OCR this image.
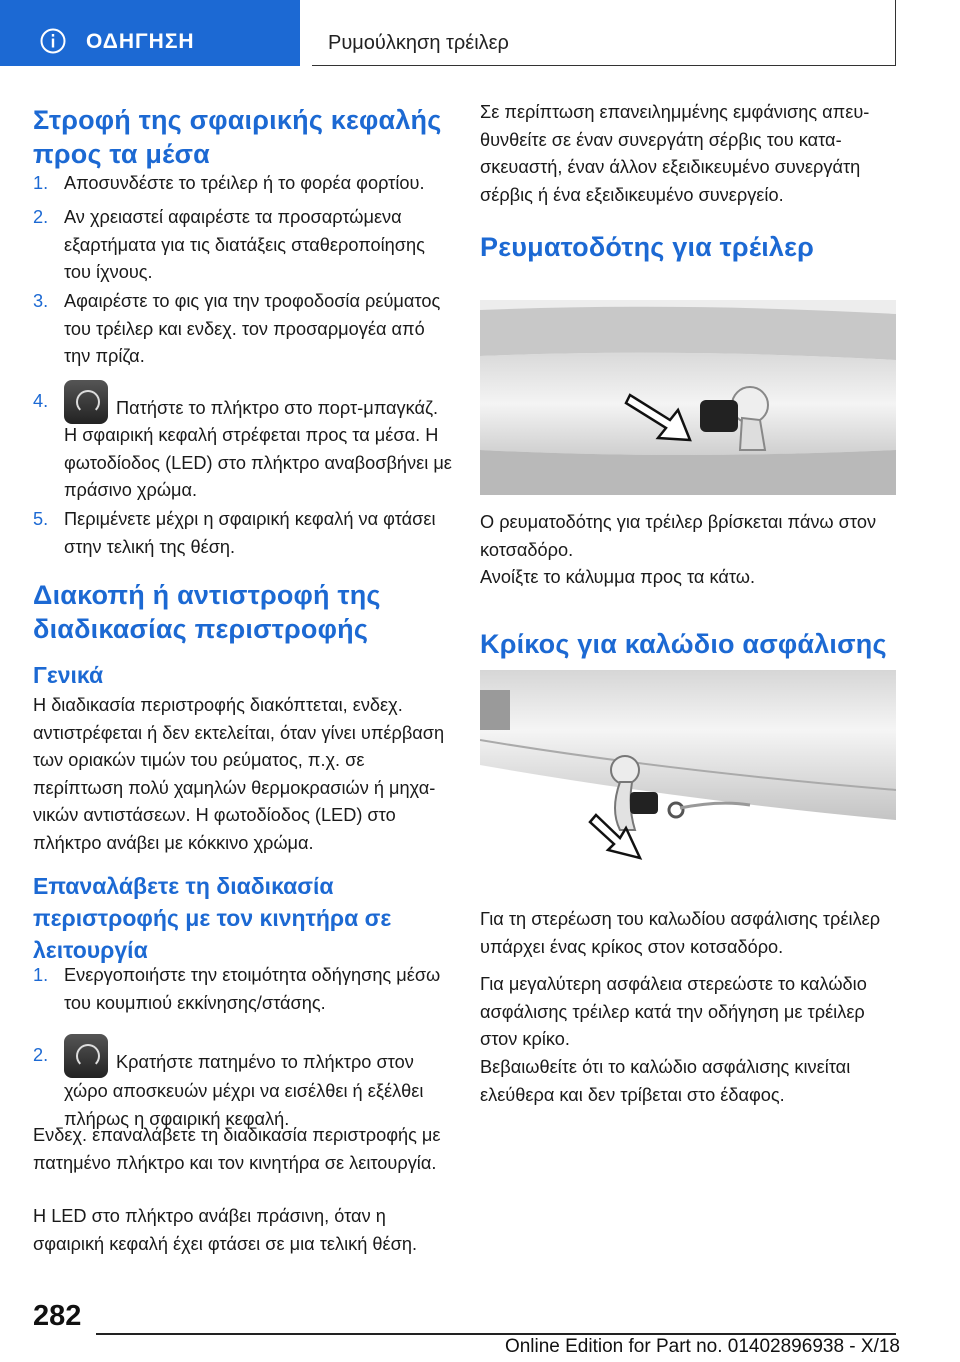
ΟΔΗΓΗΣΗ	Ρυμούλκηση τρέιλερ
Στροφή της σφαιρικής κεφαλής προς τα μέσα
1. Αποσυνδέστε το τρέιλερ ή το φορέα φορτίου.
2. Αν χρειαστεί αφαιρέστε τα προσαρτώμενα εξαρτήματα για τις διατάξεις σταθεροποίησης του ίχνους.
3. Αφαιρέστε το φις για την τροφοδοσία ρεύματος του τρέιλερ και ενδεχ. τον προσαρμογέα από την πρίζα.
4.	Πατήστε το πλήκτρο στο πορτ-μπαγκάζ.

Η σφαιρική κεφαλή στρέφεται προς τα μέσα. Η φωτοδίοδος (LED) στο πλήκτρο αναβοσβήνει με πράσινο χρώμα.

5. Περιμένετε μέχρι η σφαιρική κεφαλή να φτάσει στην τελική της θέση.
Διακοπή ή αντιστροφή της διαδικασίας περιστροφής
Γενικά

Η διαδικασία περιστροφής διακόπτεται, ενδεχ. αντιστρέφεται ή δεν εκτελείται, όταν γίνει υπέρβαση των οριακών τιμών του ρεύματος, π.χ. σε περίπτωση πολύ χαμηλών θερμοκρασιών ή μηχανικών αντιστάσεων. Η φωτοδίοδος (LED) στο πλήκτρο ανάβει με κόκκινο χρώμα.

Επαναλάβετε τη διαδικασία περιστροφής με τον κινητήρα σε λειτουργία
1. Ενεργοποιήστε την ετοιμότητα οδήγησης μέσω του κουμπιού εκκίνησης/στάσης.
2.	Κρατήστε πατημένο το πλήκτρο στον χώρο αποσκευών μέχρι να εισέλθει ή εξέλθει πλήρως η σφαιρική κεφαλή.

Ενδεχ. επαναλάβετε τη διαδικασία περιστροφής με πατημένο πλήκτρο και τον κινητήρα σε λειτουργία.

Η LED στο πλήκτρο ανάβει πράσινη, όταν η σφαιρική κεφαλή έχει φτάσει σε μια τελική θέση.

Σε περίπτωση επανειλημμένης εμφάνισης απευθυνθείτε σε έναν συνεργάτη σέρβις του κατασκευαστή, έναν άλλον εξειδικευμένο συνεργάτη σέρβις ή ένα εξειδικευμένο συνεργείο.

Ρευματοδότης για τρέιλερ

Ο ρευματοδότης για τρέιλερ βρίσκεται πάνω στον κοτσαδόρο.

Ανοίξτε το κάλυμμα προς τα κάτω.

Κρίκος για καλώδιο ασφάλισης

Για τη στερέωση του καλωδίου ασφάλισης τρέιλερ υπάρχει ένας κρίκος στον κοτσαδόρο.

Για μεγαλύτερη ασφάλεια στερεώστε το καλώδιο ασφάλισης τρέιλερ κατά την οδήγηση με τρέιλερ στον κρίκο.

Βεβαιωθείτε ότι το καλώδιο ασφάλισης κινείται ελεύθερα και δεν τρίβεται στο έδαφος.

282
Online Edition for Part no. 01402896938 - X/18
